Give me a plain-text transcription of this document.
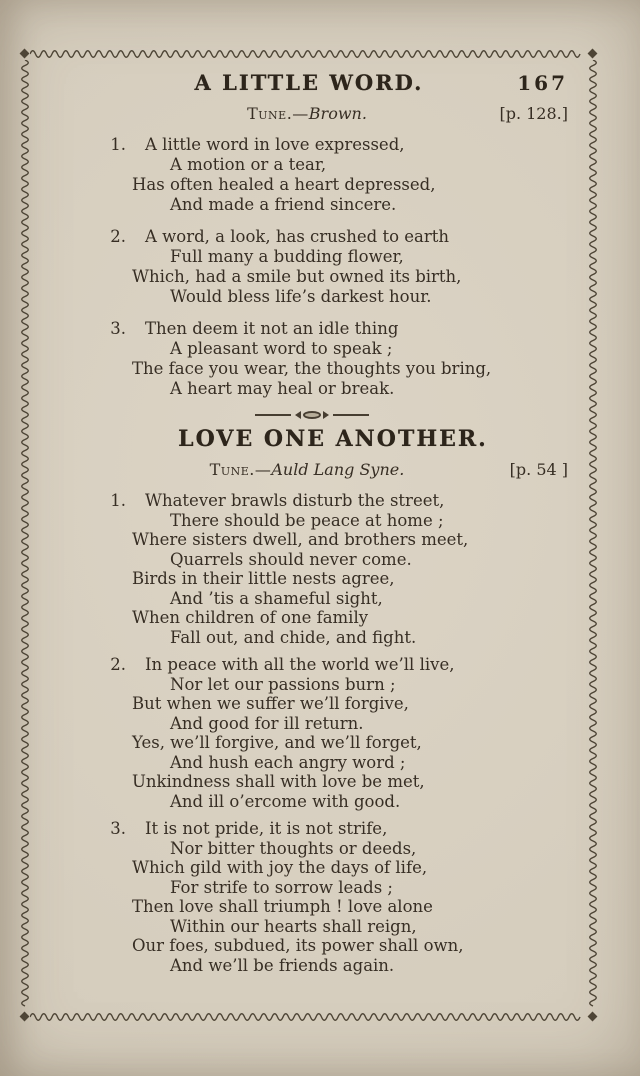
A LITTLE WORD.	167
Tune.—Brown.	[p. 128.]
1.	A little word in love expressed,
A motion or a tear,
Has often healed a heart depressed,
And made a friend sincere.
2.	A word, a look, has crushed to earth
Full many a budding flower,
Which, had a smile but owned its birth,
Would bless life’s darkest hour.
3.	Then deem it not an idle thing
A pleasant word to speak ;
The face you wear, the thoughts you bring,
A heart may heal or break.
LOVE ONE ANOTHER.
Tune.—Auld Lang Syne.	[p. 54 ]
1.	Whatever brawls disturb the street,
There should be peace at home ;
Where sisters dwell, and brothers meet,
Quarrels should never come.
Birds in their little nests agree,
And ’tis a shameful sight,
When children of one family
Fall out, and chide, and fight.
2.	In peace with all the world we’ll live,
Nor let our passions burn ;
But when we suffer we’ll forgive,
And good for ill return.
Yes, we’ll forgive, and we’ll forget,
And hush each angry word ;
Unkindness shall with love be met,
And ill o’ercome with good.
3.	It is not pride, it is not strife,
Nor bitter thoughts or deeds,
Which gild with joy the days of life,
For strife to sorrow leads ;
Then love shall triumph ! love alone
Within our hearts shall reign,
Our foes, subdued, its power shall own,
And we’ll be friends again.
